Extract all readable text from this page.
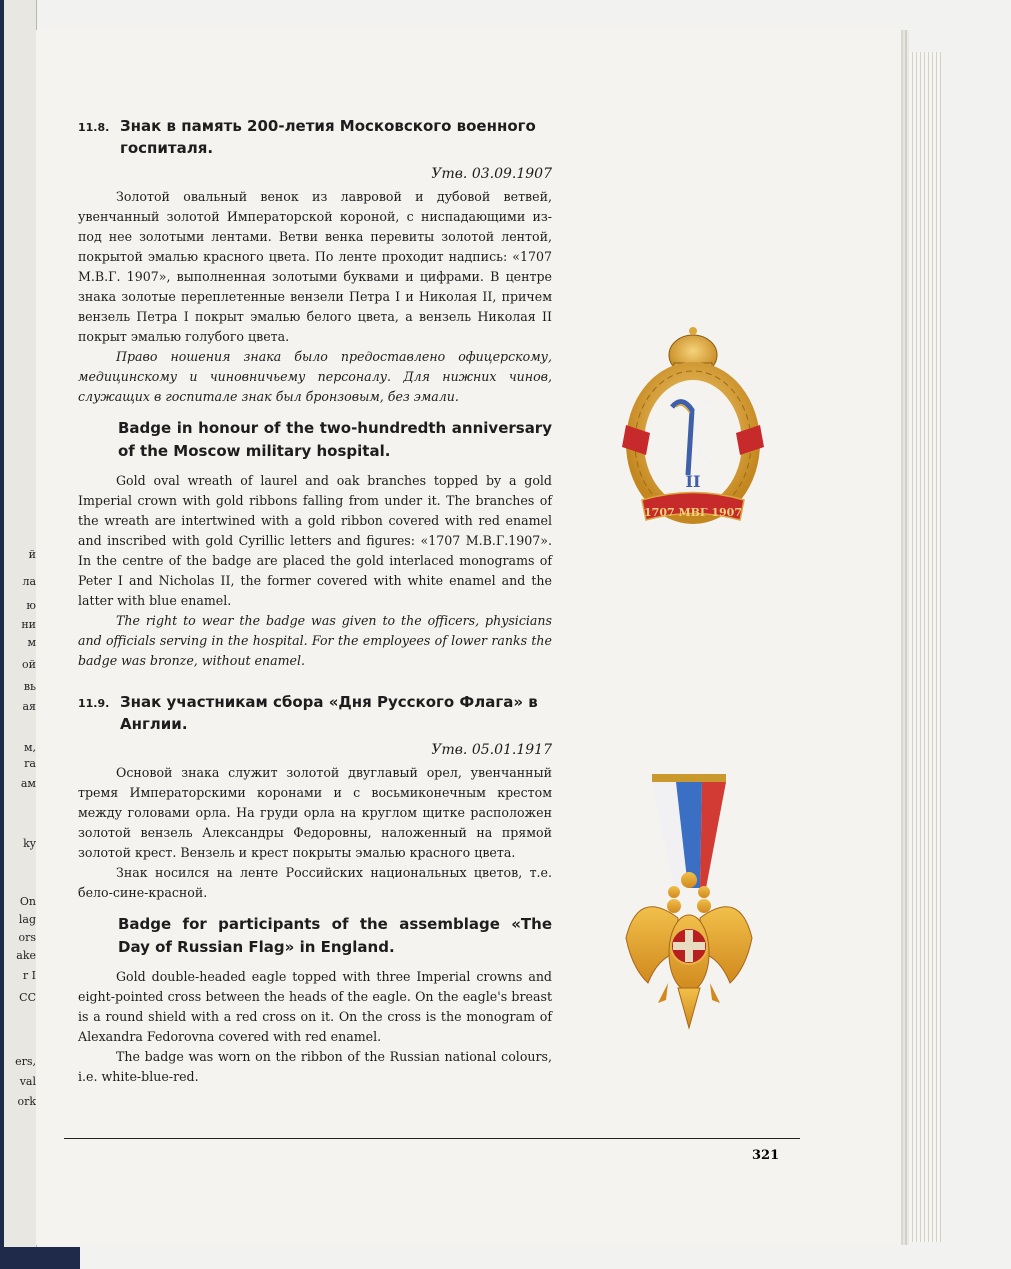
й
ла
ю
ни
м
ой
вь
ая
м,
ra
ам
ky
On
lag
ors
ake
r I
CC
ers,
val
ork
11.8. Знак в память 200-летия Московского военного госпиталя.
Утв. 03.09.1907

Золотой овальный венок из лавровой и дубовой ветвей, увенчанный золотой Императорской короной, с ниспадающими из-под нее золотыми лентами. Ветви венка перевиты золотой лентой, покрытой эмалью красного цвета. По ленте проходит надпись: «1707 М.В.Г. 1907», выполненная золотыми буквами и цифрами. В центре знака золотые переплетенные вензели Петра I и Николая II, причем вензель Петра I покрыт эмалью белого цвета, а вензель Николая II покрыт эмалью голубого цвета.

Право ношения знака было предоставлено офицерскому, медицинскому и чиновничьему персоналу. Для нижних чинов, служащих в госпитале знак был бронзовым, без эмали.

Badge in honour of the two-hundredth anniversary of the Moscow military hospital.

Gold oval wreath of laurel and oak branches topped by a gold Imperial crown with gold ribbons falling from under it. The branches of the wreath are intertwined with a gold ribbon covered with red enamel and inscribed with gold Cyrillic letters and figures: «1707 М.В.Г.1907». In the centre of the badge are placed the gold interlaced monograms of Peter I and Nicholas II, the former covered with white enamel and the latter with blue enamel.

The right to wear the badge was given to the officers, physicians and officials serving in the hospital. For the employees of lower ranks the badge was bronze, without enamel.

11.9. Знак участникам сбора «Дня Русского Флага» в Англии.
Утв. 05.01.1917

Основой знака служит золотой двуглавый орел, увенчанный тремя Императорскими коронами и с восьмиконечным крестом между головами орла. На груди орла на круглом щитке расположен золотой вензель Александры Федоровны, наложенный на прямой золотой крест. Вензель и крест покрыты эмалью красного цвета.

Знак носился на ленте Российских национальных цветов, т.е. бело-сине-красной.

Badge for participants of the assemblage «The Day of Russian Flag» in England.

Gold double-headed eagle topped with three Imperial crowns and eight-pointed cross between the heads of the eagle. On the eagle's breast is a round shield with a red cross on it. On the cross is the monogram of Alexandra Fedorovna covered with red enamel.

The badge was worn on the ribbon of the Russian national colours, i.e. white-blue-red.

II
1707 МВГ 1907
321
